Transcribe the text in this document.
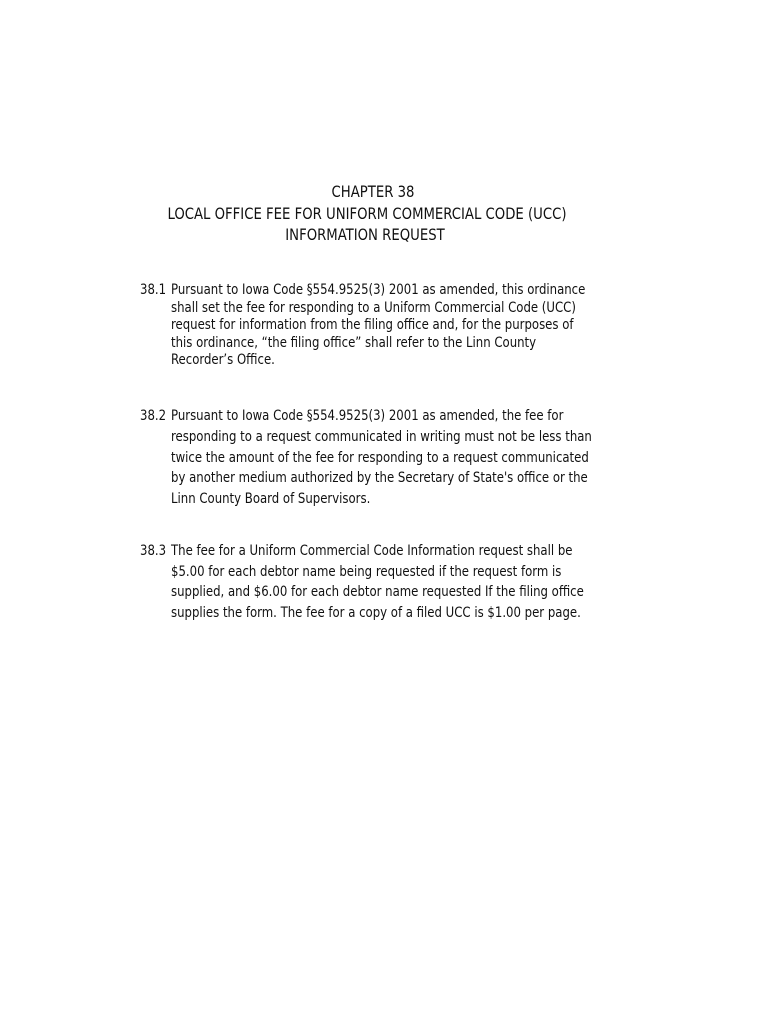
CHAPTER 38
LOCAL OFFICE FEE FOR UNIFORM COMMERCIAL CODE (UCC)
INFORMATION REQUEST
38.1 Pursuant to Iowa Code §554.9525(3) 2001 as amended, this ordinance
shall set the fee for responding to a Uniform Commercial Code (UCC)
request for information from the filing office and, for the purposes of
this ordinance, “the filing office” shall refer to the Linn County
Recorder’s Office.
38.2 Pursuant to Iowa Code §554.9525(3) 2001 as amended, the fee for
responding to a request communicated in writing must not be less than
twice the amount of the fee for responding to a request communicated
by another medium authorized by the Secretary of State's office or the
Linn County Board of Supervisors.
38.3 The fee for a Uniform Commercial Code Information request shall be
$5.00 for each debtor name being requested if the request form is
supplied, and $6.00 for each debtor name requested If the filing office
supplies the form. The fee for a copy of a filed UCC is $1.00 per page.
